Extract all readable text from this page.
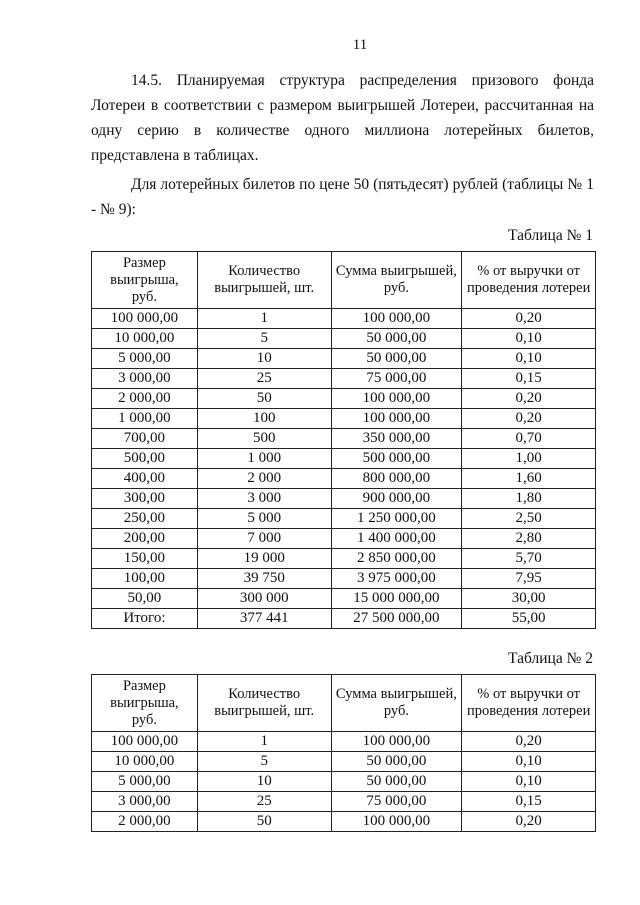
11

14.5. Планируемая структура распределения призового фонда Лотереи в соответствии с размером выигрышей Лотереи, рассчитанная на одну серию в количестве одного миллиона лотерейных билетов, представлена в таблицах.

Для лотерейных билетов по цене 50 (пятьдесят) рублей (таблицы № 1 - № 9):

Таблица № 1
Размер выигрыша, руб.	Количество выигрышей, шт.	Сумма выигрышей, руб.	% от выручки от проведения лотереи
100 000,00	1	100 000,00	0,20
10 000,00	5	50 000,00	0,10
5 000,00	10	50 000,00	0,10
3 000,00	25	75 000,00	0,15
2 000,00	50	100 000,00	0,20
1 000,00	100	100 000,00	0,20
700,00	500	350 000,00	0,70
500,00	1 000	500 000,00	1,00
400,00	2 000	800 000,00	1,60
300,00	3 000	900 000,00	1,80
250,00	5 000	1 250 000,00	2,50
200,00	7 000	1 400 000,00	2,80
150,00	19 000	2 850 000,00	5,70
100,00	39 750	3 975 000,00	7,95
50,00	300 000	15 000 000,00	30,00
Итого:	377 441	27 500 000,00	55,00
Таблица № 2
Размер выигрыша, руб.	Количество выигрышей, шт.	Сумма выигрышей, руб.	% от выручки от проведения лотереи
100 000,00	1	100 000,00	0,20
10 000,00	5	50 000,00	0,10
5 000,00	10	50 000,00	0,10
3 000,00	25	75 000,00	0,15
2 000,00	50	100 000,00	0,20
